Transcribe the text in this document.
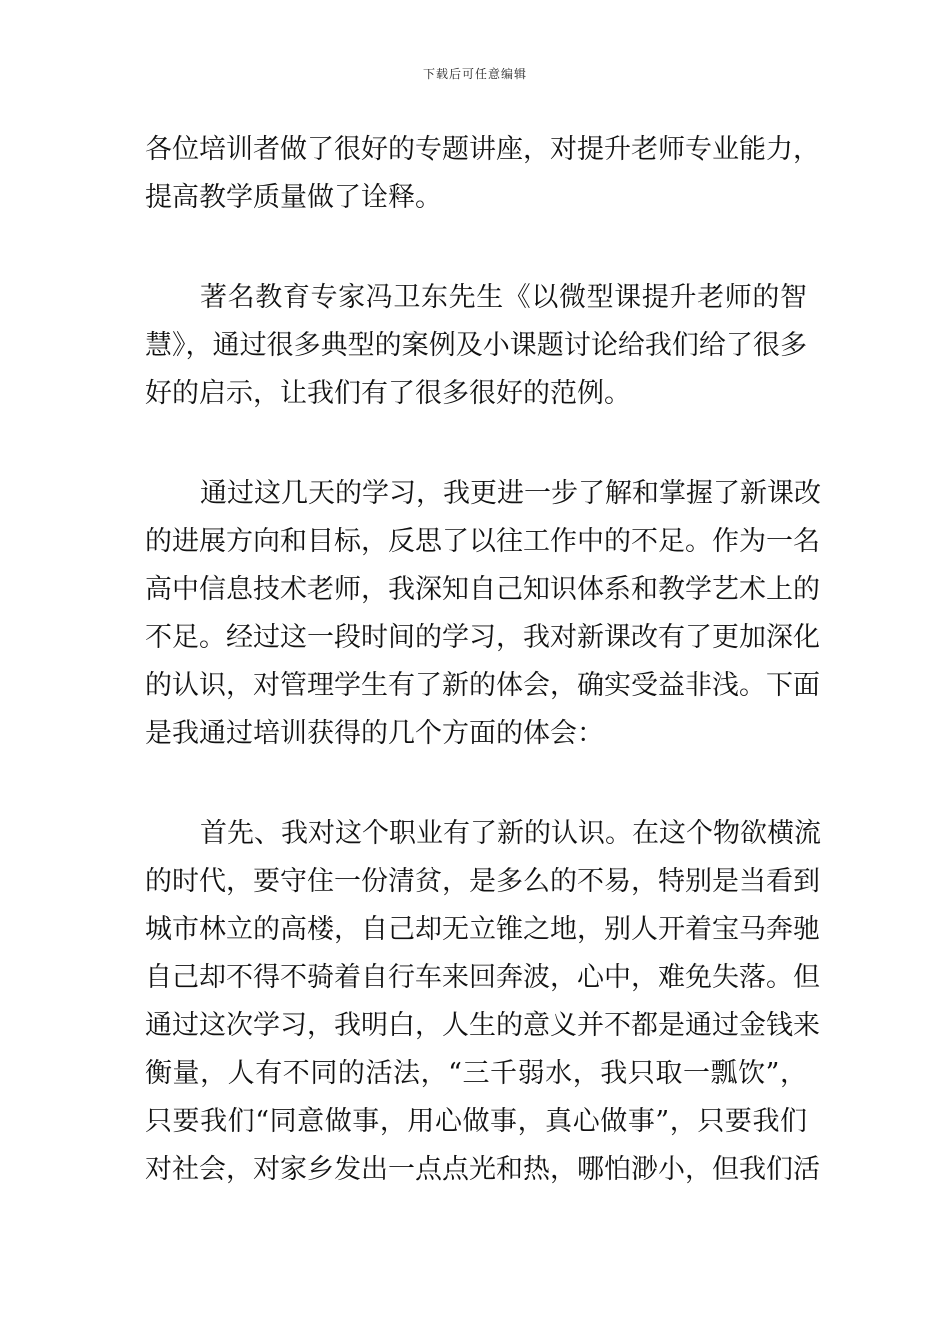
下载后可任意编辑
各位培训者做了很好的专题讲座，对提升老师专业能力，
提高教学质量做了诠释。
著名教育专家冯卫东先生《以微型课提升老师的智
慧》，通过很多典型的案例及小课题讨论给我们给了很多
好的启示，让我们有了很多很好的范例。
通过这几天的学习，我更进一步了解和掌握了新课改
的进展方向和目标，反思了以往工作中的不足。作为一名
高中信息技术老师，我深知自己知识体系和教学艺术上的
不足。经过这一段时间的学习，我对新课改有了更加深化
的认识，对管理学生有了新的体会，确实受益非浅。下面
是我通过培训获得的几个方面的体会：
首先、我对这个职业有了新的认识。在这个物欲横流
的时代，要守住一份清贫，是多么的不易，特别是当看到
城市林立的高楼，自己却无立锥之地，别人开着宝马奔驰
自己却不得不骑着自行车来回奔波，心中，难免失落。但
通过这次学习，我明白，人生的意义并不都是通过金钱来
衡量，人有不同的活法，“三千弱水，我只取一瓢饮”，
只要我们“同意做事，用心做事，真心做事”，只要我们
对社会，对家乡发出一点点光和热，哪怕渺小，但我们活
